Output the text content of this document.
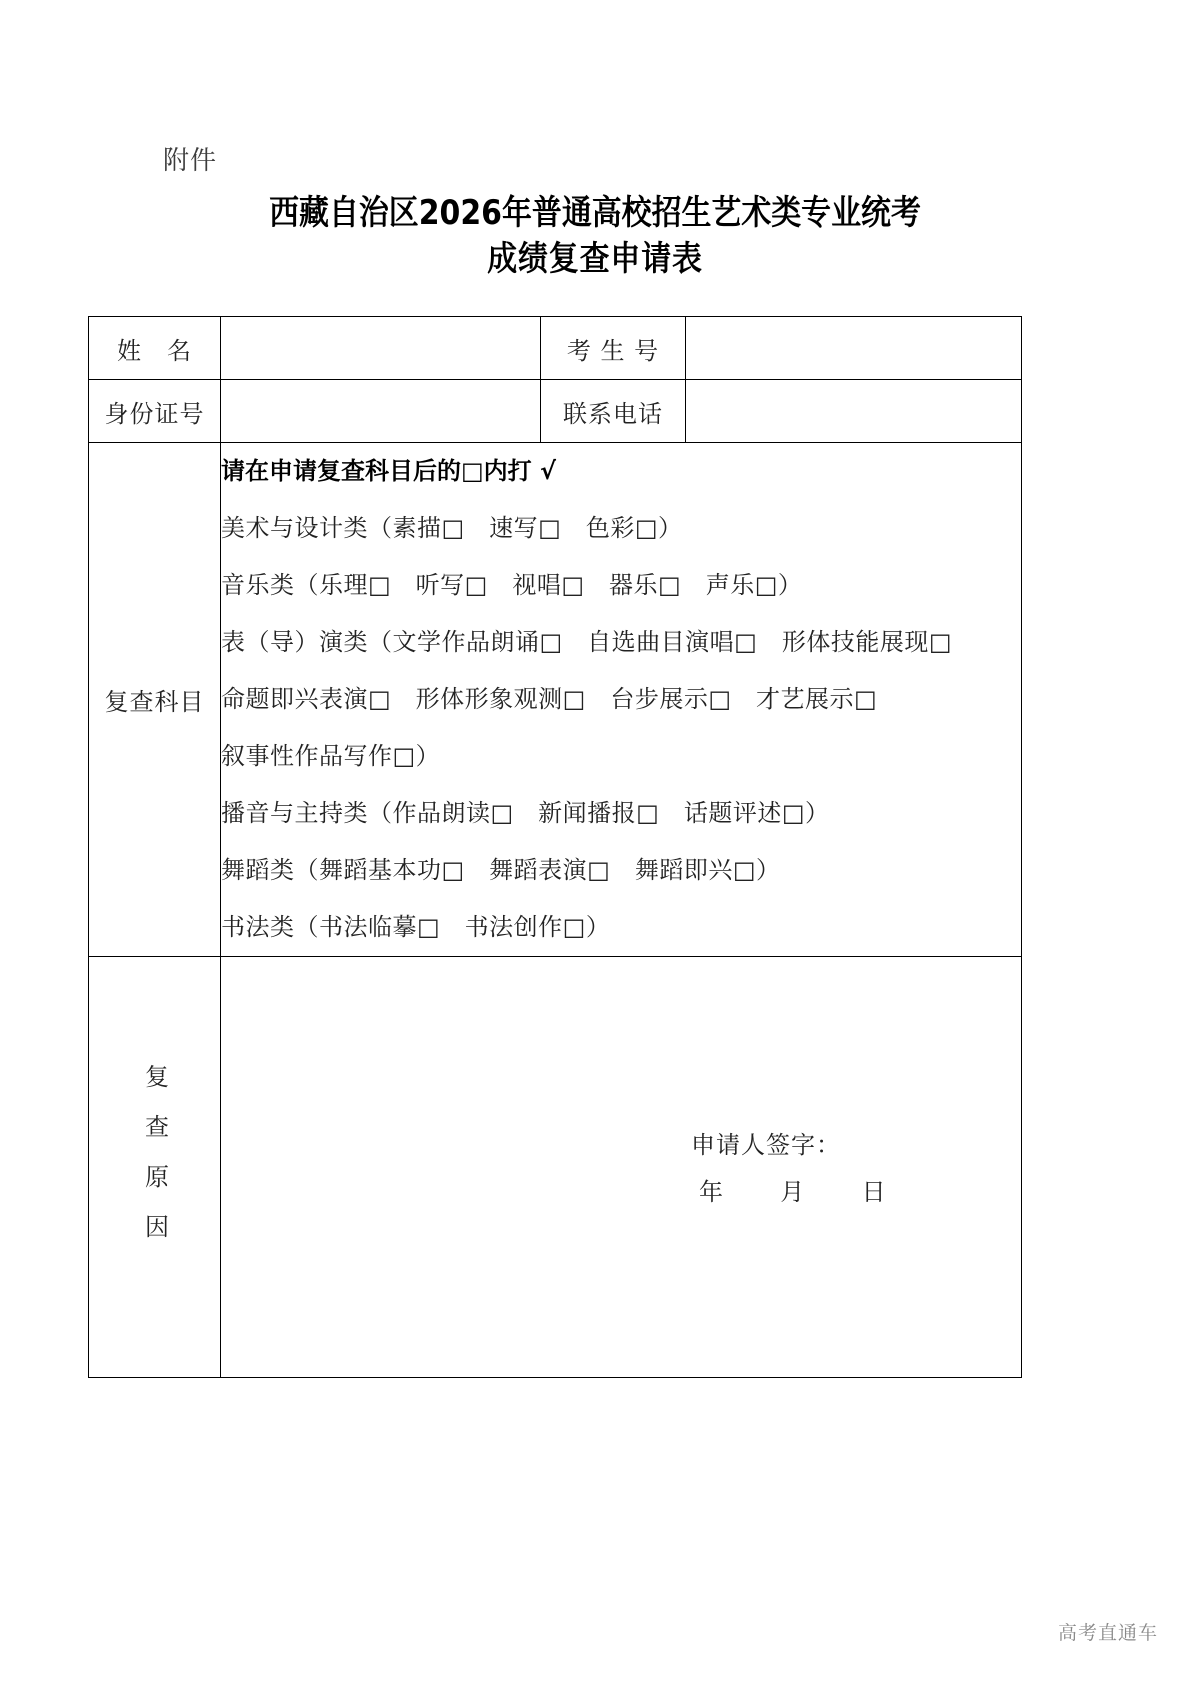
附件
西藏自治区2026年普通高校招生艺术类专业统考
成绩复查申请表
姓　名		考 生 号	
身份证号		联系电话	
复查科目	
请在申请复查科目后的□内打 √
美术与设计类（素描□　速写□　色彩□）
音乐类（乐理□　听写□　视唱□　器乐□　声乐□）
表（导）演类（文学作品朗诵□　自选曲目演唱□　形体技能展现□
命题即兴表演□　形体形象观测□　台步展示□　才艺展示□
叙事性作品写作□）
播音与主持类（作品朗读□　新闻播报□　话题评述□）
舞蹈类（舞蹈基本功□　舞蹈表演□　舞蹈即兴□）
书法类（书法临摹□　书法创作□）

复查原因	申请人签字：
年 月 日		
高考直通车
